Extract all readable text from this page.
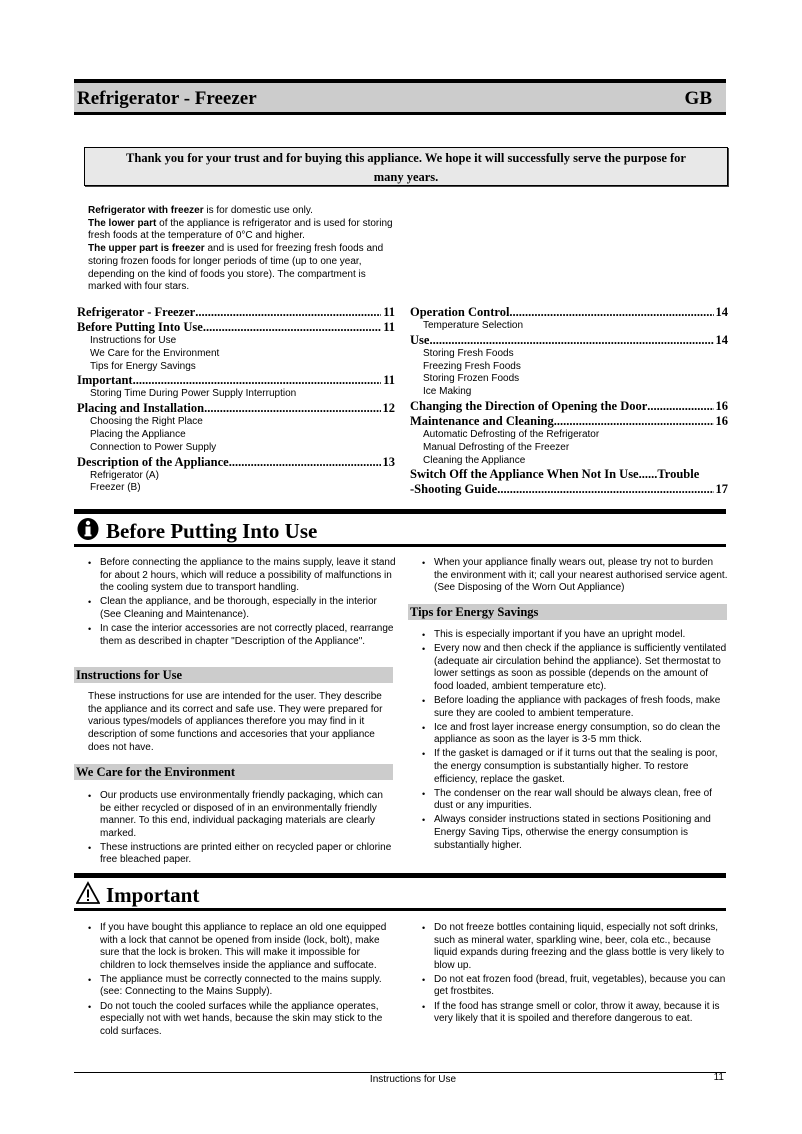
Refrigerator - Freezer	GB
Thank you for your trust and for buying this appliance. We hope it will successfully serve the purpose for
many years.
Refrigerator with freezer is for domestic use only.
The lower part of the appliance is refrigerator and is used for storing fresh foods at the temperature of 0°C and higher.
The upper part is freezer and is used for freezing fresh foods and storing frozen foods for longer periods of time (up to one year, depending on the kind of foods you store). The compartment is marked with four stars.
Refrigerator - Freezer .....	11
Before Putting Into Use .....	11
Instructions for Use
We Care for the Environment
Tips for Energy Savings
Important .....	11
Storing Time During Power Supply Interruption
Placing and Installation .....	12
Choosing the Right Place
Placing the Appliance
Connection to Power Supply
Description of the Appliance .....	13
Refrigerator (A)
Freezer (B)
Operation Control .....	14
Temperature Selection
Use .....	14
Storing Fresh Foods
Freezing Fresh Foods
Storing Frozen Foods
Ice Making
Changing the Direction of Opening the Door .....	16
Maintenance and Cleaning .....	16
Automatic Defrosting of the Refrigerator
Manual Defrosting of the Freezer
Cleaning the Appliance
Switch Off the Appliance When Not In Use......Trouble
-Shooting Guide .....	17
Before Putting Into Use
• Before connecting the appliance to the mains supply, leave it stand for about 2 hours, which will reduce a possibility of malfunctions in the cooling system due to transport handling.
• Clean the appliance, and be thorough, especially in the interior (See Cleaning and Maintenance).
• In case the interior accessories are not correctly placed, rearrange them as described in chapter "Description of the Appliance".
Instructions for Use
These instructions for use are intended for the user. They describe the appliance and its correct and safe use. They were prepared for various types/models of appliances therefore you may find in it description of some functions and accesories that your appliance does not have.
We Care for the Environment
• Our products use environmentally friendly packaging, which can be either recycled or disposed of in an environmentally friendly manner. To this end, individual packaging materials are clearly marked.
• These instructions are printed either on recycled paper or chlorine free bleached paper.
• When your appliance finally wears out, please try not to burden the environment with it; call your nearest authorised service agent. (See Disposing of the Worn Out Appliance)
Tips for Energy Savings
• This is especially important if you have an upright model.
• Every now and then check if the appliance is sufficiently ventilated (adequate air circulation behind the appliance). Set thermostat to lower settings as soon as possible (depends on the amount of food loaded, ambient temperature etc).
• Before loading the appliance with packages of fresh foods, make sure they are cooled to ambient temperature.
• Ice and frost layer increase energy consumption, so do clean the appliance as soon as the layer is 3-5 mm thick.
• If the gasket is damaged or if it turns out that the sealing is poor, the energy consumption is substantially higher. To restore efficiency, replace the gasket.
• The condenser on the rear wall should be always clean, free of dust or any impurities.
• Always consider instructions stated in sections Positioning and Energy Saving Tips, otherwise the energy consumption is substantially higher.
Important
• If you have bought this appliance to replace an old one equipped with a lock that cannot be opened from inside (lock, bolt), make sure that the lock is broken. This will make it impossible for children to lock themselves inside the appliance and suffocate.
• The appliance must be correctly connected to the mains supply. (see: Connecting to the Mains Supply).
• Do not touch the cooled surfaces while the appliance operates, especially not with wet hands, because the skin may stick to the cold surfaces.
• Do not freeze bottles containing liquid, especially not soft drinks, such as mineral water, sparkling wine, beer, cola etc., because liquid expands during freezing and the glass bottle is very likely to blow up.
• Do not eat frozen food (bread, fruit, vegetables), because you can get frostbites.
• If the food has strange smell or color, throw it away, because it is very likely that it is spoiled and therefore dangerous to eat.
Instructions for Use	11
